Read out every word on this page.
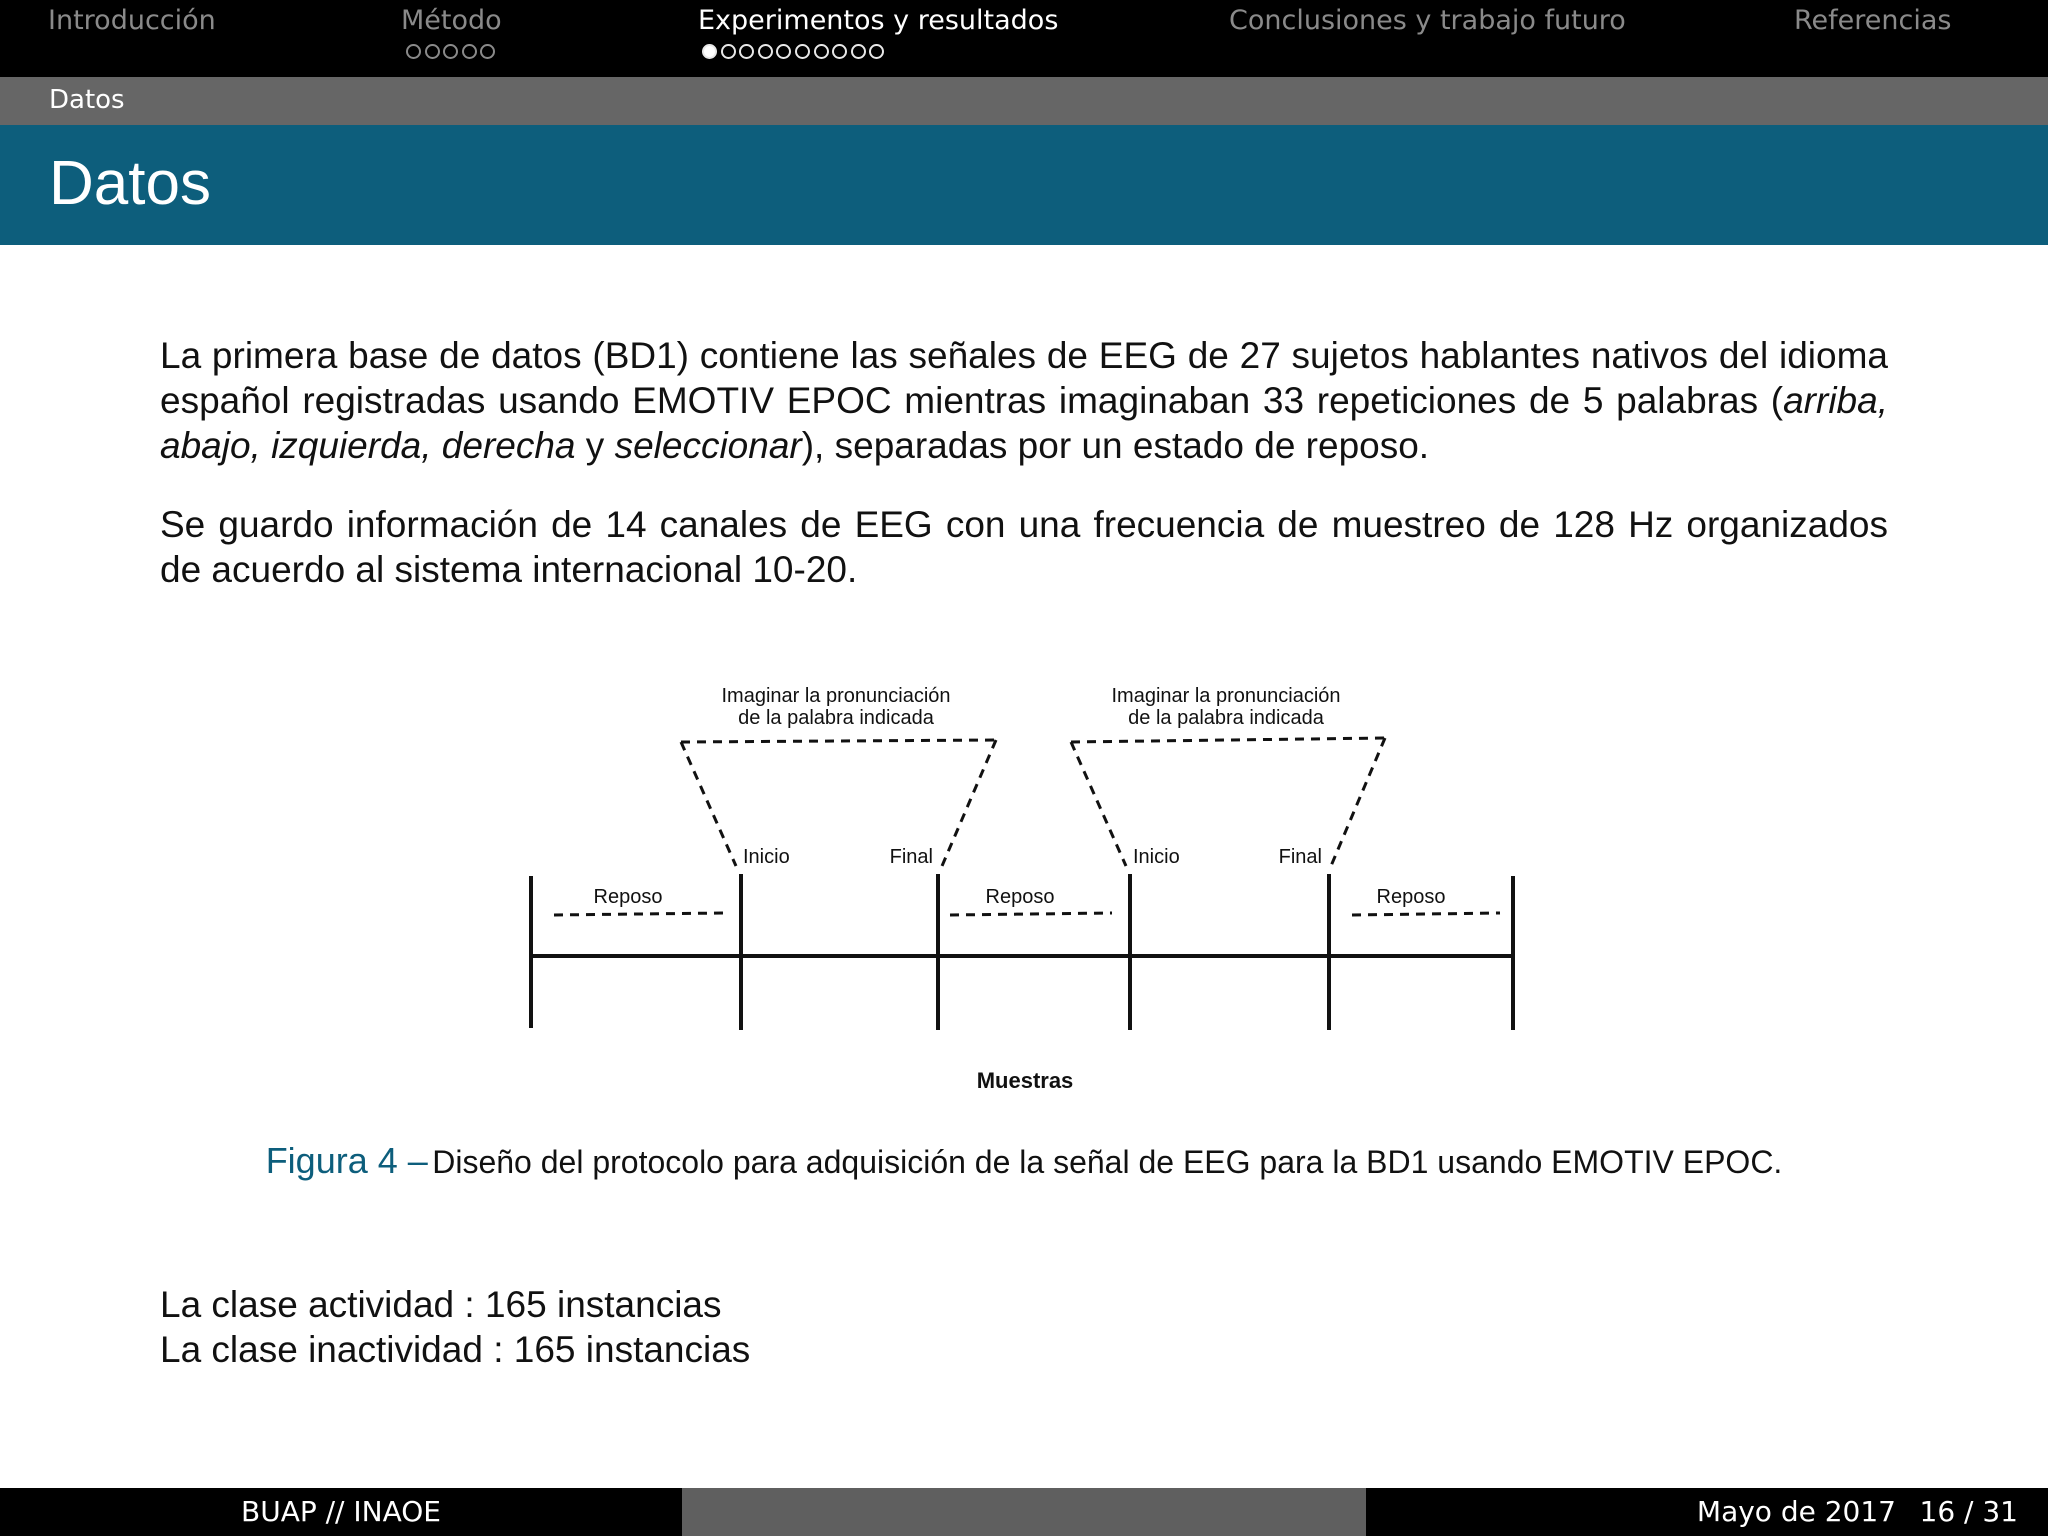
Introducción	Método	Experimentos y resultados	Conclusiones y trabajo futuro	Referencias
Datos
Datos

La primera base de datos (BD1) contiene las señales de EEG de 27 sujetos hablantes nativos del idioma español registradas usando EMOTIV EPOC mientras imaginaban 33 repeticiones de 5 palabras (arriba, abajo, izquierda, derecha y seleccionar), separadas por un estado de reposo.

Se guardo información de 14 canales de EEG con una frecuencia de muestreo de 128 Hz organizados de acuerdo al sistema internacional 10-20.

Imaginar la pronunciación
de la palabra indicada
Imaginar la pronunciación
de la palabra indicada
Inicio	Final	Inicio	Final
Reposo	Reposo	Reposo
Muestras
Figura 4 – Diseño del protocolo para adquisición de la señal de EEG para la BD1 usando EMOTIV EPOC.
La clase actividad : 165 instancias
La clase inactividad : 165 instancias
BUAP // INAOE	Mayo de 2017 16 / 31
